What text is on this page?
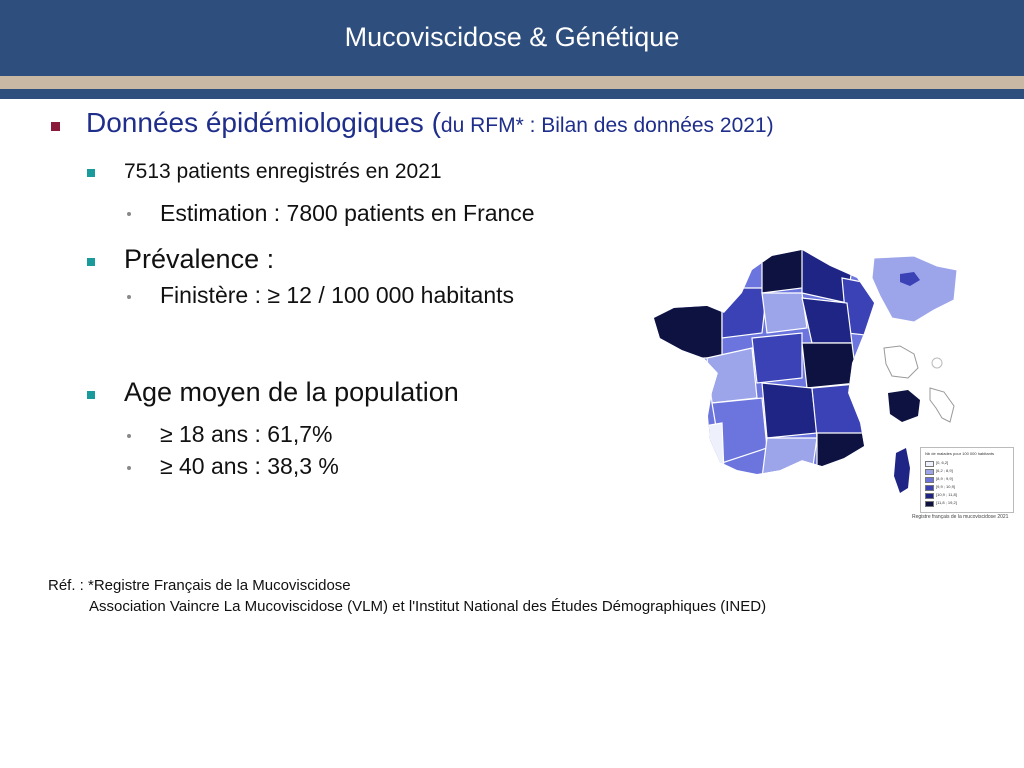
Mucoviscidose & Génétique
Données épidémiologiques (du RFM* : Bilan des données 2021)
7513 patients enregistrés en 2021
Estimation : 7800 patients en France
Prévalence :
Finistère : ≥ 12 / 100 000 habitants
Age moyen de la population
≥ 18 ans : 61,7%
≥ 40 ans : 38,3 %	Nb de malades pour 100 000 habitants
[0, 6,2]
[6,2 ; 8,9]
[8,9 ; 9,9]
[9,9 ; 10,9]
[10,9 ; 11,8]
[11,8 ; 19,2]
Registre français de la mucoviscidose 2021
Réf. : *Registre Français de la Mucoviscidose
Association Vaincre La Mucoviscidose (VLM) et l'Institut National des Études Démographiques (INED)
